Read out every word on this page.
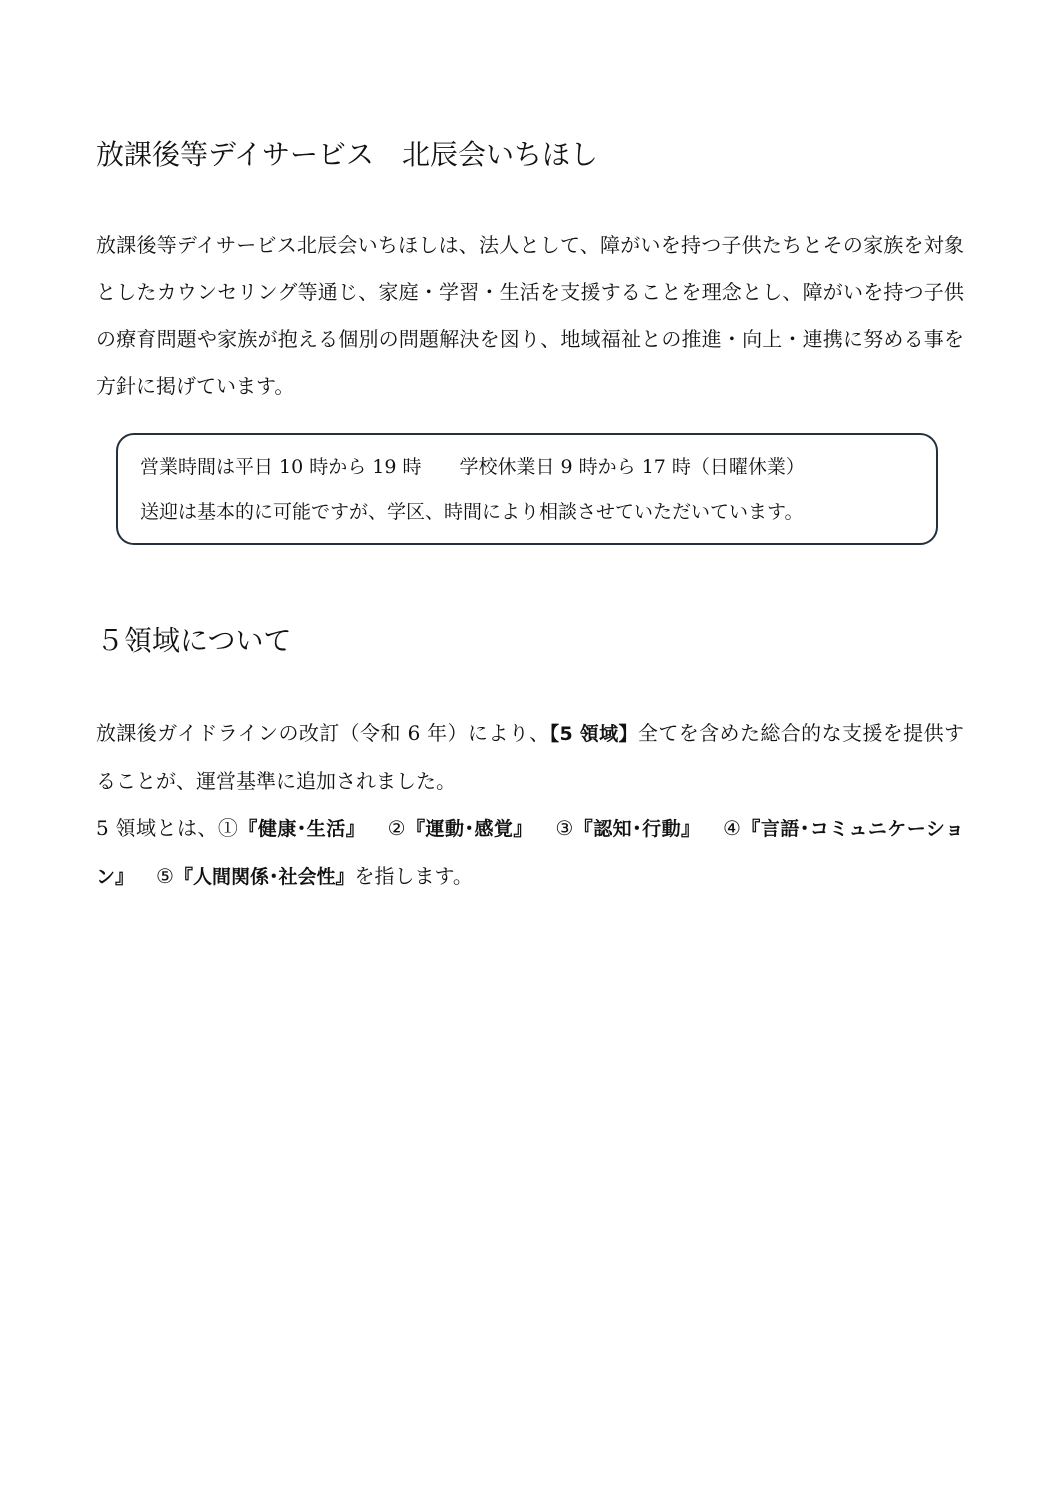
放課後等デイサービス　北辰会いちほし

放課後等デイサービス北辰会いちほしは、法人として、障がいを持つ子供たちとその家族を対象としたカウンセリング等通じ、家庭・学習・生活を支援することを理念とし、障がいを持つ子供の療育問題や家族が抱える個別の問題解決を図り、地域福祉との推進・向上・連携に努める事を方針に掲げています。

営業時間は平日 10 時から 19 時　　学校休業日 9 時から 17 時（日曜休業）
送迎は基本的に可能ですが、学区、時間により相談させていただいています。
５領域について

放課後ガイドラインの改訂（令和 6 年）により、【5 領域】全てを含めた総合的な支援を提供することが、運営基準に追加されました。
5 領域とは、①『健康･生活』 ②『運動･感覚』 ③『認知･行動』 ④『言語･コミュニケーション』 ⑤『人間関係･社会性』を指します。
